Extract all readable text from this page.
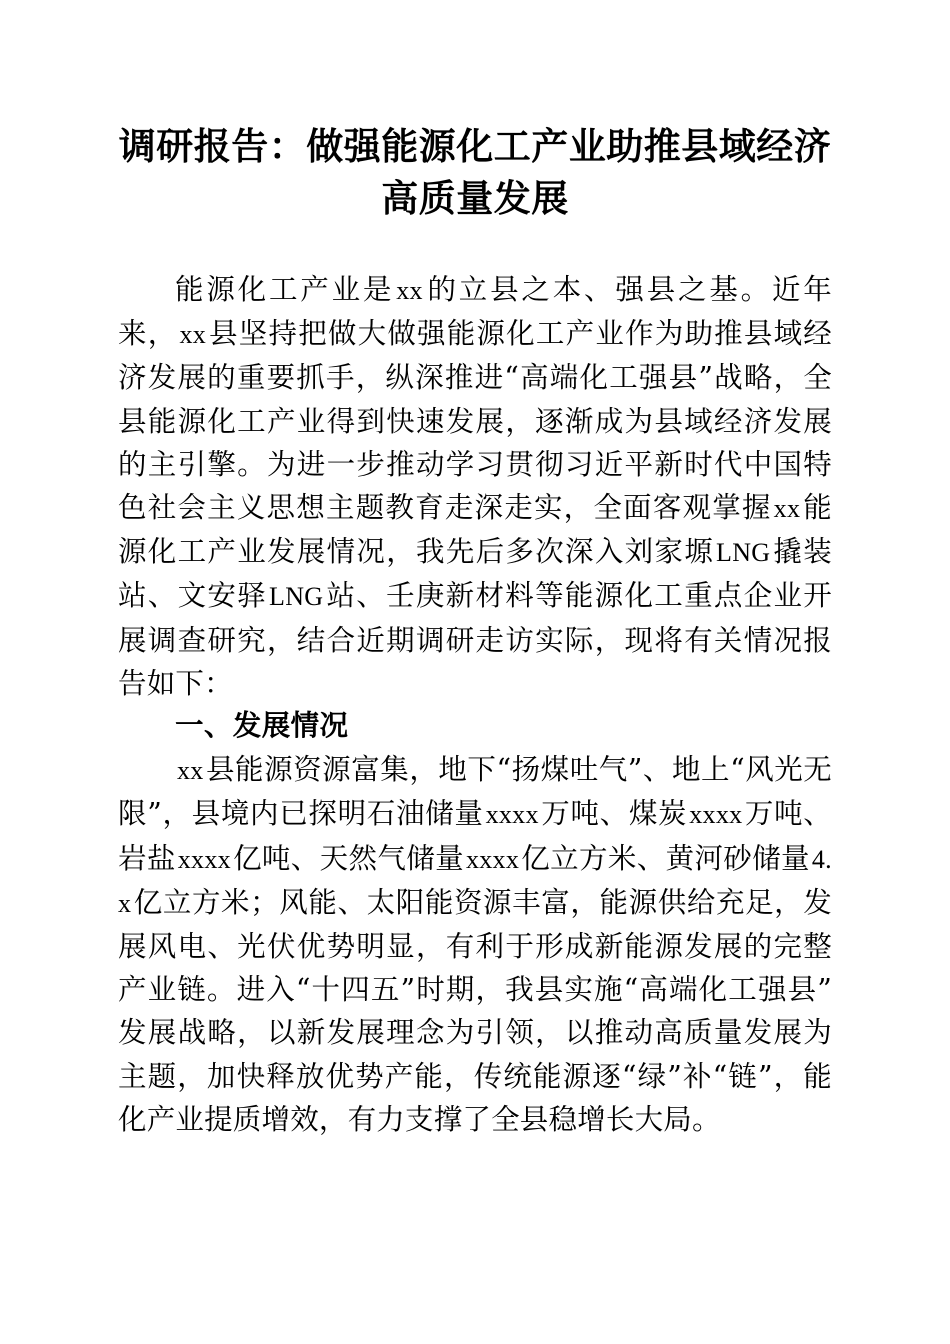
调研报告：做强能源化工产业助推县域经济高质量发展

能源化工产业是xx的立县之本、强县之基。近年来，xx县坚持把做大做强能源化工产业作为助推县域经济发展的重要抓手，纵深推进“高端化工强县”战略，全县能源化工产业得到快速发展，逐渐成为县域经济发展的主引擎。为进一步推动学习贯彻习近平新时代中国特色社会主义思想主题教育走深走实，全面客观掌握xx能源化工产业发展情况，我先后多次深入刘家塬LNG撬装站、文安驿LNG站、壬庚新材料等能源化工重点企业开展调查研究，结合近期调研走访实际，现将有关情况报告如下：

一、发展情况

xx县能源资源富集，地下“扬煤吐气”、地上“风光无限”，县境内已探明石油储量xxxx万吨、煤炭xxxx万吨、岩盐xxxx亿吨、天然气储量xxxx亿立方米、黄河砂储量4.x亿立方米；风能、太阳能资源丰富，能源供给充足，发展风电、光伏优势明显，有利于形成新能源发展的完整产业链。进入“十四五”时期，我县实施“高端化工强县”发展战略，以新发展理念为引领，以推动高质量发展为主题，加快释放优势产能，传统能源逐“绿”补“链”，能化产业提质增效，有力支撑了全县稳增长大局。
